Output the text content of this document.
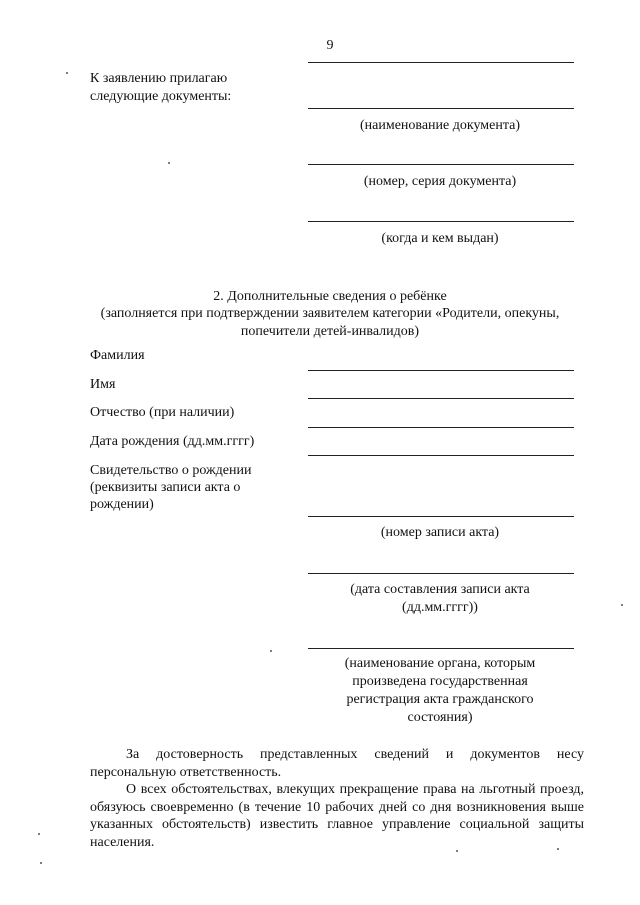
9
К заявлению прилагаю следующие документы:
(наименование документа)
(номер, серия документа)
(когда и кем выдан)
2. Дополнительные сведения о ребёнке
(заполняется при подтверждении заявителем категории «Родители, опекуны, попечители детей-инвалидов)
Фамилия
Имя
Отчество (при наличии)
Дата рождения (дд.мм.гггг)
Свидетельство о рождении (реквизиты записи акта о рождении)
(номер записи акта)
(дата составления записи акта (дд.мм.гггг))
(наименование органа, которым произведена государственная регистрация акта гражданского состояния)
За достоверность представленных сведений и документов несу персональную ответственность.
О всех обстоятельствах, влекущих прекращение права на льготный проезд, обязуюсь своевременно (в течение 10 рабочих дней со дня возникновения выше указанных обстоятельств) известить главное управление социальной защиты населения.
